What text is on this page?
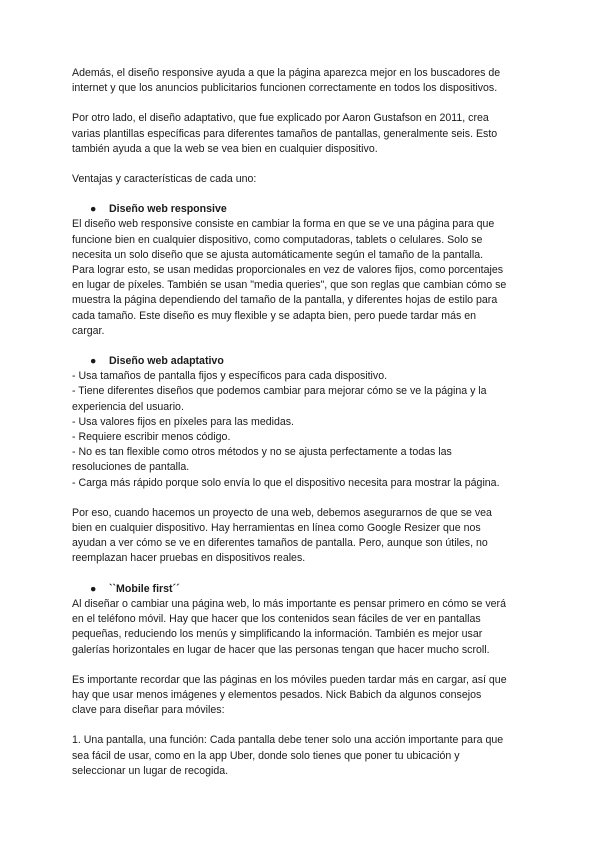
Además, el diseño responsive ayuda a que la página aparezca mejor en los buscadores de
internet y que los anuncios publicitarios funcionen correctamente en todos los dispositivos.

Por otro lado, el diseño adaptativo, que fue explicado por Aaron Gustafson en 2011, crea
varias plantillas específicas para diferentes tamaños de pantallas, generalmente seis. Esto
también ayuda a que la web se vea bien en cualquier dispositivo.

Ventajas y características de cada uno:

●	Diseño web responsive

El diseño web responsive consiste en cambiar la forma en que se ve una página para que
funcione bien en cualquier dispositivo, como computadoras, tablets o celulares. Solo se
necesita un solo diseño que se ajusta automáticamente según el tamaño de la pantalla.
Para lograr esto, se usan medidas proporcionales en vez de valores fijos, como porcentajes
en lugar de píxeles. También se usan "media queries", que son reglas que cambian cómo se
muestra la página dependiendo del tamaño de la pantalla, y diferentes hojas de estilo para
cada tamaño. Este diseño es muy flexible y se adapta bien, pero puede tardar más en
cargar.

●	Diseño web adaptativo

- Usa tamaños de pantalla fijos y específicos para cada dispositivo.
- Tiene diferentes diseños que podemos cambiar para mejorar cómo se ve la página y la
experiencia del usuario.
- Usa valores fijos en píxeles para las medidas.
- Requiere escribir menos código.
- No es tan flexible como otros métodos y no se ajusta perfectamente a todas las
resoluciones de pantalla.
- Carga más rápido porque solo envía lo que el dispositivo necesita para mostrar la página.

Por eso, cuando hacemos un proyecto de una web, debemos asegurarnos de que se vea
bien en cualquier dispositivo. Hay herramientas en línea como Google Resizer que nos
ayudan a ver cómo se ve en diferentes tamaños de pantalla. Pero, aunque son útiles, no
reemplazan hacer pruebas en dispositivos reales.

●	``Mobile first´´

Al diseñar o cambiar una página web, lo más importante es pensar primero en cómo se verá
en el teléfono móvil. Hay que hacer que los contenidos sean fáciles de ver en pantallas
pequeñas, reduciendo los menús y simplificando la información. También es mejor usar
galerías horizontales en lugar de hacer que las personas tengan que hacer mucho scroll.

Es importante recordar que las páginas en los móviles pueden tardar más en cargar, así que
hay que usar menos imágenes y elementos pesados. Nick Babich da algunos consejos
clave para diseñar para móviles:

1. Una pantalla, una función: Cada pantalla debe tener solo una acción importante para que
sea fácil de usar, como en la app Uber, donde solo tienes que poner tu ubicación y
seleccionar un lugar de recogida.
